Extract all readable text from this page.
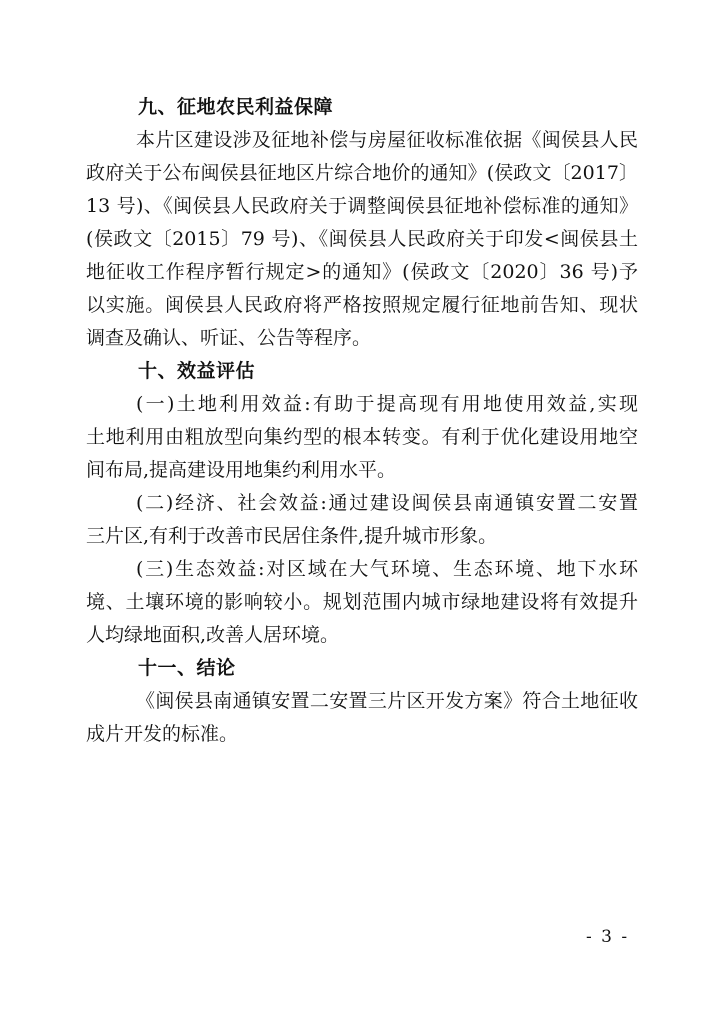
九、征地农民利益保障

本片区建设涉及征地补偿与房屋征收标准依据《闽侯县人民
政府关于公布闽侯县征地区片综合地价的通知》(侯政文〔2017〕
13 号)、《闽侯县人民政府关于调整闽侯县征地补偿标准的通知》
(侯政文〔2015〕79 号)、《闽侯县人民政府关于印发<闽侯县土
地征收工作程序暂行规定>的通知》(侯政文〔2020〕36 号)予
以实施。闽侯县人民政府将严格按照规定履行征地前告知、现状
调查及确认、听证、公告等程序。

十、效益评估

(一)土地利用效益:有助于提高现有用地使用效益,实现
土地利用由粗放型向集约型的根本转变。有利于优化建设用地空
间布局,提高建设用地集约利用水平。

(二)经济、社会效益:通过建设闽侯县南通镇安置二安置
三片区,有利于改善市民居住条件,提升城市形象。

(三)生态效益:对区域在大气环境、生态环境、地下水环
境、土壤环境的影响较小。规划范围内城市绿地建设将有效提升
人均绿地面积,改善人居环境。

十一、结论

《闽侯县南通镇安置二安置三片区开发方案》符合土地征收
成片开发的标准。

- 3 -
